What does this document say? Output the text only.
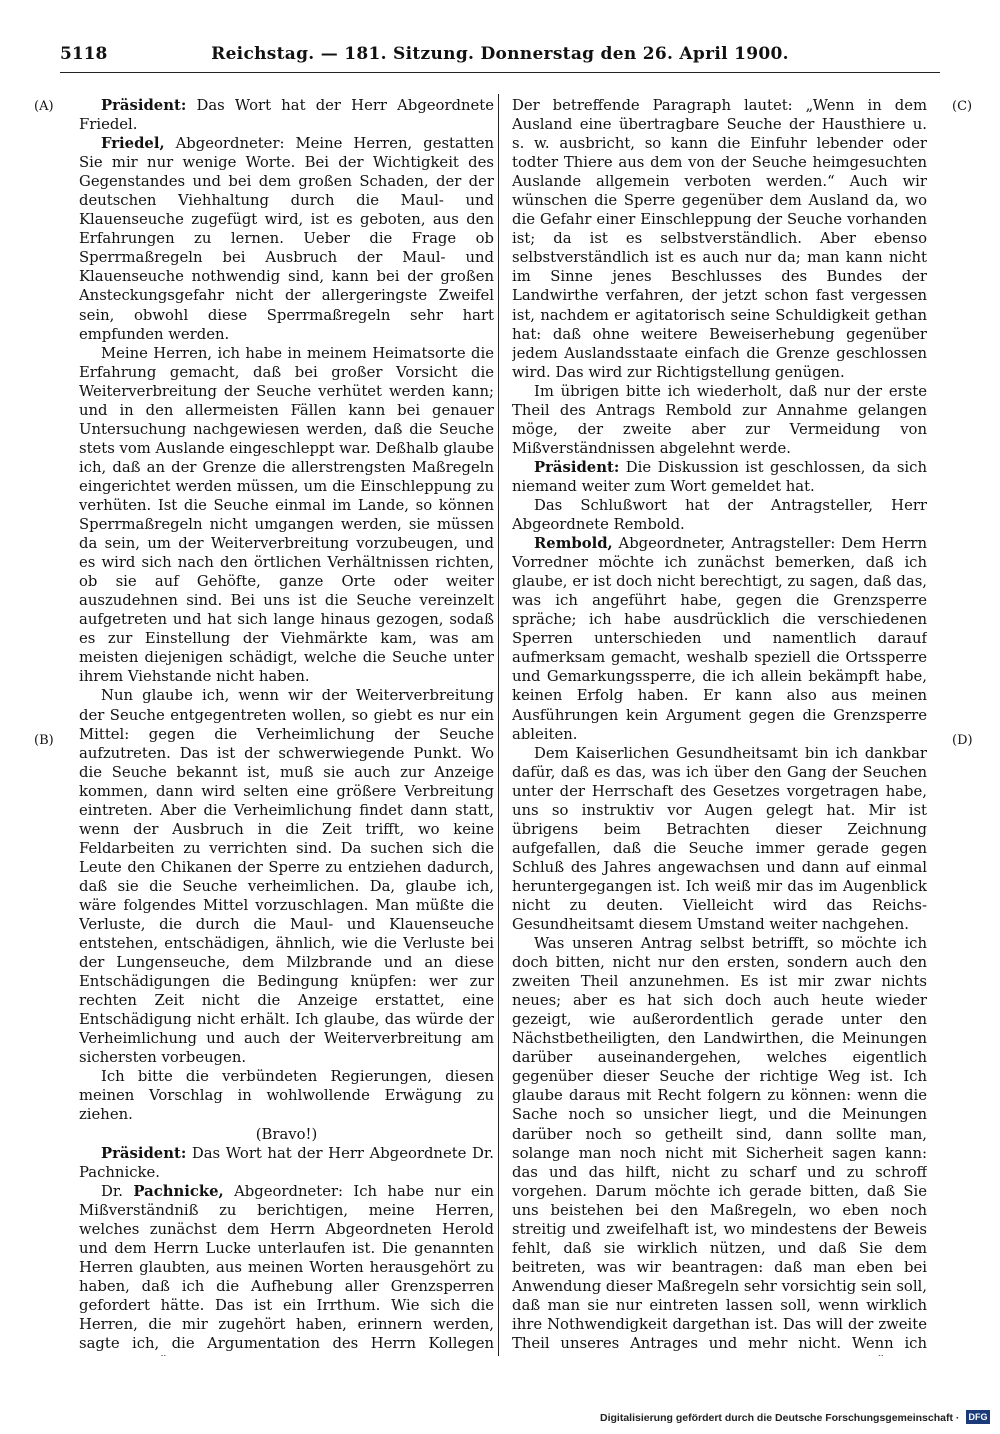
5118	Reichstag. — 181. Sitzung. Donnerstag den 26. April 1900.
(A)
(B)
(C)
(D)

Präsident: Das Wort hat der Herr Abgeordnete Friedel.

Friedel, Abgeordneter: Meine Herren, gestatten Sie mir nur wenige Worte. Bei der Wichtigkeit des Gegenstandes und bei dem großen Schaden, der der deutschen Viehhaltung durch die Maul- und Klauenseuche zugefügt wird, ist es geboten, aus den Erfahrungen zu lernen. Ueber die Frage ob Sperrmaßregeln bei Ausbruch der Maul- und Klauenseuche nothwendig sind, kann bei der großen Ansteckungsgefahr nicht der allergeringste Zweifel sein, obwohl diese Sperrmaßregeln sehr hart empfunden werden.

Meine Herren, ich habe in meinem Heimatsorte die Erfahrung gemacht, daß bei großer Vorsicht die Weiterverbreitung der Seuche verhütet werden kann; und in den allermeisten Fällen kann bei genauer Untersuchung nachgewiesen werden, daß die Seuche stets vom Auslande eingeschleppt war. Deßhalb glaube ich, daß an der Grenze die allerstrengsten Maßregeln eingerichtet werden müssen, um die Einschleppung zu verhüten. Ist die Seuche einmal im Lande, so können Sperrmaßregeln nicht umgangen werden, sie müssen da sein, um der Weiterverbreitung vorzubeugen, und es wird sich nach den örtlichen Verhältnissen richten, ob sie auf Gehöfte, ganze Orte oder weiter auszudehnen sind. Bei uns ist die Seuche vereinzelt aufgetreten und hat sich lange hinaus gezogen, sodaß es zur Einstellung der Viehmärkte kam, was am meisten diejenigen schädigt, welche die Seuche unter ihrem Viehstande nicht haben.

Nun glaube ich, wenn wir der Weiterverbreitung der Seuche entgegentreten wollen, so giebt es nur ein Mittel: gegen die Verheimlichung der Seuche aufzutreten. Das ist der schwerwiegende Punkt. Wo die Seuche bekannt ist, muß sie auch zur Anzeige kommen, dann wird selten eine größere Verbreitung eintreten. Aber die Verheimlichung findet dann statt, wenn der Ausbruch in die Zeit trifft, wo keine Feldarbeiten zu verrichten sind. Da suchen sich die Leute den Chikanen der Sperre zu entziehen dadurch, daß sie die Seuche verheimlichen. Da, glaube ich, wäre folgendes Mittel vorzuschlagen. Man müßte die Verluste, die durch die Maul- und Klauenseuche entstehen, entschädigen, ähnlich, wie die Verluste bei der Lungenseuche, dem Milzbrande und an diese Entschädigungen die Bedingung knüpfen: wer zur rechten Zeit nicht die Anzeige erstattet, eine Entschädigung nicht erhält. Ich glaube, das würde der Verheimlichung und auch der Weiterverbreitung am sichersten vorbeugen.

Ich bitte die verbündeten Regierungen, diesen meinen Vorschlag in wohlwollende Erwägung zu ziehen.

(Bravo!)

Präsident: Das Wort hat der Herr Abgeordnete Dr. Pachnicke.

Dr. Pachnicke, Abgeordneter: Ich habe nur ein Mißverständniß zu berichtigen, meine Herren, welches zunächst dem Herrn Abgeordneten Herold und dem Herrn Lucke unterlaufen ist. Die genannten Herren glaubten, aus meinen Worten herausgehört zu haben, daß ich die Aufhebung aller Grenzsperren gefordert hätte. Das ist ein Irrthum. Wie sich die Herren, die mir zugehört haben, erinnern werden, sagte ich, die Argumentation des Herrn Kollegen

Der betreffende Paragraph lautet: „Wenn in dem Ausland eine übertragbare Seuche der Hausthiere u. s. w. ausbricht, so kann die Einfuhr lebender oder todter Thiere aus dem von der Seuche heimgesuchten Auslande allgemein verboten werden.“ Auch wir wünschen die Sperre gegenüber dem Ausland da, wo die Gefahr einer Einschleppung der Seuche vorhanden ist; da ist es selbstverständlich. Aber ebenso selbstverständlich ist es auch nur da; man kann nicht im Sinne jenes Beschlusses des Bundes der Landwirthe verfahren, der jetzt schon fast vergessen ist, nachdem er agitatorisch seine Schuldigkeit gethan hat: daß ohne weitere Beweiserhebung gegenüber jedem Auslandsstaate einfach die Grenze geschlossen wird. Das wird zur Richtigstellung genügen.

Im übrigen bitte ich wiederholt, daß nur der erste Theil des Antrags Rembold zur Annahme gelangen möge, der zweite aber zur Vermeidung von Mißverständnissen abgelehnt werde.

Präsident: Die Diskussion ist geschlossen, da sich niemand weiter zum Wort gemeldet hat.

Das Schlußwort hat der Antragsteller, Herr Abgeordnete Rembold.

Rembold, Abgeordneter, Antragsteller: Dem Herrn Vorredner möchte ich zunächst bemerken, daß ich glaube, er ist doch nicht berechtigt, zu sagen, daß das, was ich angeführt habe, gegen die Grenzsperre spräche; ich habe ausdrücklich die verschiedenen Sperren unterschieden und namentlich darauf aufmerksam gemacht, weshalb speziell die Ortssperre und Gemarkungssperre, die ich allein bekämpft habe, keinen Erfolg haben. Er kann also aus meinen Ausführungen kein Argument gegen die Grenzsperre ableiten.

Dem Kaiserlichen Gesundheitsamt bin ich dankbar dafür, daß es das, was ich über den Gang der Seuchen unter der Herrschaft des Gesetzes vorgetragen habe, uns so instruktiv vor Augen gelegt hat. Mir ist übrigens beim Betrachten dieser Zeichnung aufgefallen, daß die Seuche immer gerade gegen Schluß des Jahres angewachsen und dann auf einmal heruntergegangen ist. Ich weiß mir das im Augenblick nicht zu deuten. Vielleicht wird das Reichs-Gesundheitsamt diesem Umstand weiter nachgehen.

Was unseren Antrag selbst betrifft, so möchte ich doch bitten, nicht nur den ersten, sondern auch den zweiten Theil anzunehmen. Es ist mir zwar nichts neues; aber es hat sich doch auch heute wieder gezeigt, wie außerordentlich gerade unter den Nächstbetheiligten, den Landwirthen, die Meinungen darüber auseinandergehen, welches eigentlich gegenüber dieser Seuche der richtige Weg ist. Ich glaube daraus mit Recht folgern zu können: wenn die Sache noch so unsicher liegt, und die Meinungen darüber noch so getheilt sind, dann sollte man, solange man noch nicht mit Sicherheit sagen kann: das und das hilft, nicht zu scharf und zu schroff vorgehen. Darum möchte ich gerade bitten, daß Sie uns beistehen bei den Maßregeln, wo eben noch streitig und zweifelhaft ist, wo mindestens der Beweis fehlt, daß sie wirklich nützen, und daß Sie dem beitreten, was wir beantragen: daß man eben bei Anwendung dieser Maßregeln sehr vorsichtig sein soll, daß man sie nur eintreten lassen soll, wenn wirklich ihre Nothwendigkeit dargethan ist. Das will der zweite Theil unseres Antrages und mehr nicht. Wenn ich

Digitalisierung gefördert durch die Deutsche Forschungsgemeinschaft · DFG
